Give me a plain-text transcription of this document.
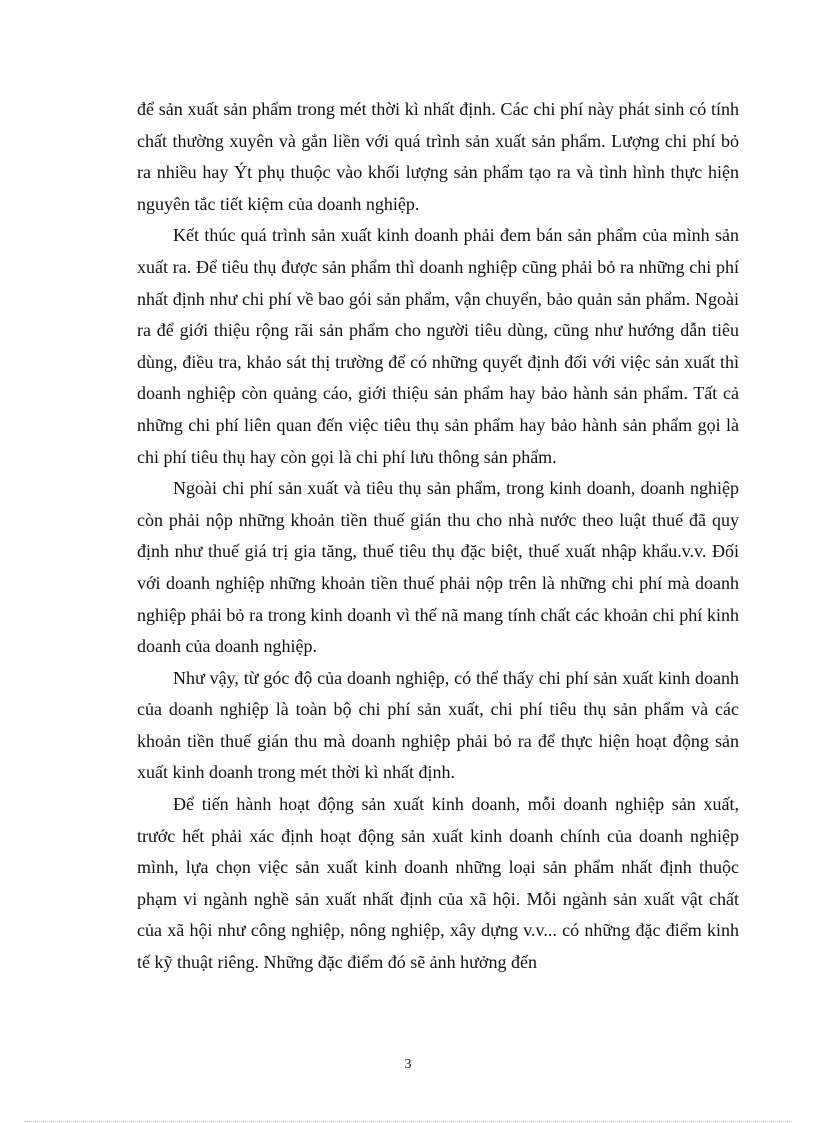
để sản xuất sản phẩm trong mét thời kì nhất định. Các chi phí này phát sinh có tính chất thường xuyên và gắn liền với quá trình sản xuất sản phẩm. Lượng chi phí bỏ ra nhiều hay Ýt phụ thuộc vào khối lượng sản phẩm tạo ra và tình hình thực hiện nguyên tắc tiết kiệm của doanh nghiệp.

Kết thúc quá trình sản xuất kinh doanh phải đem bán sản phẩm của mình sản xuất ra. Để tiêu thụ được sản phẩm thì doanh nghiệp cũng phải bỏ ra những chi phí nhất định như chi phí về bao gói sản phẩm, vận chuyển, bảo quản sản phẩm. Ngoài ra để giới thiệu rộng rãi sản phẩm cho người tiêu dùng, cũng như hướng dẫn tiêu dùng, điều tra, khảo sát thị trường để có những quyết định đối với việc sản xuất thì doanh nghiệp còn quảng cáo, giới thiệu sản phẩm hay bảo hành sản phẩm. Tất cả những chi phí liên quan đến việc tiêu thụ sản phẩm hay bảo hành sản phẩm gọi là chi phí tiêu thụ hay còn gọi là chi phí lưu thông sản phẩm.

Ngoài chi phí sản xuất và tiêu thụ sản phẩm, trong kinh doanh, doanh nghiệp còn phải nộp những khoản tiền thuế gián thu cho nhà nước theo luật thuế đã quy định như thuế giá trị gia tăng, thuế tiêu thụ đặc biệt, thuế xuất nhập khẩu.v.v. Đối với doanh nghiệp những khoản tiền thuế phải nộp trên là những chi phí mà doanh nghiệp phải bỏ ra trong kinh doanh vì thế nã mang tính chất các khoản chi phí kinh doanh của doanh nghiệp.

Như vậy, từ góc độ của doanh nghiệp, có thể thấy chi phí sản xuất kinh doanh của doanh nghiệp là toàn bộ chi phí sản xuất, chi phí tiêu thụ sản phẩm và các khoản tiền thuế gián thu mà doanh nghiệp phải bỏ ra để thực hiện hoạt động sản xuất kinh doanh trong mét thời kì nhất định.

Để tiến hành hoạt động sản xuất kinh doanh, mỗi doanh nghiệp sản xuất, trước hết phải xác định hoạt động sản xuất kinh doanh chính của doanh nghiệp mình, lựa chọn việc sản xuất kinh doanh những loại sản phẩm nhất định thuộc phạm vi ngành nghề sản xuất nhất định của xã hội. Mỗi ngành sản xuất vật chất của xã hội như công nghiệp, nông nghiệp, xây dựng v.v... có những đặc điểm kinh tế kỹ thuật riêng. Những đặc điểm đó sẽ ảnh hưởng đến

3
